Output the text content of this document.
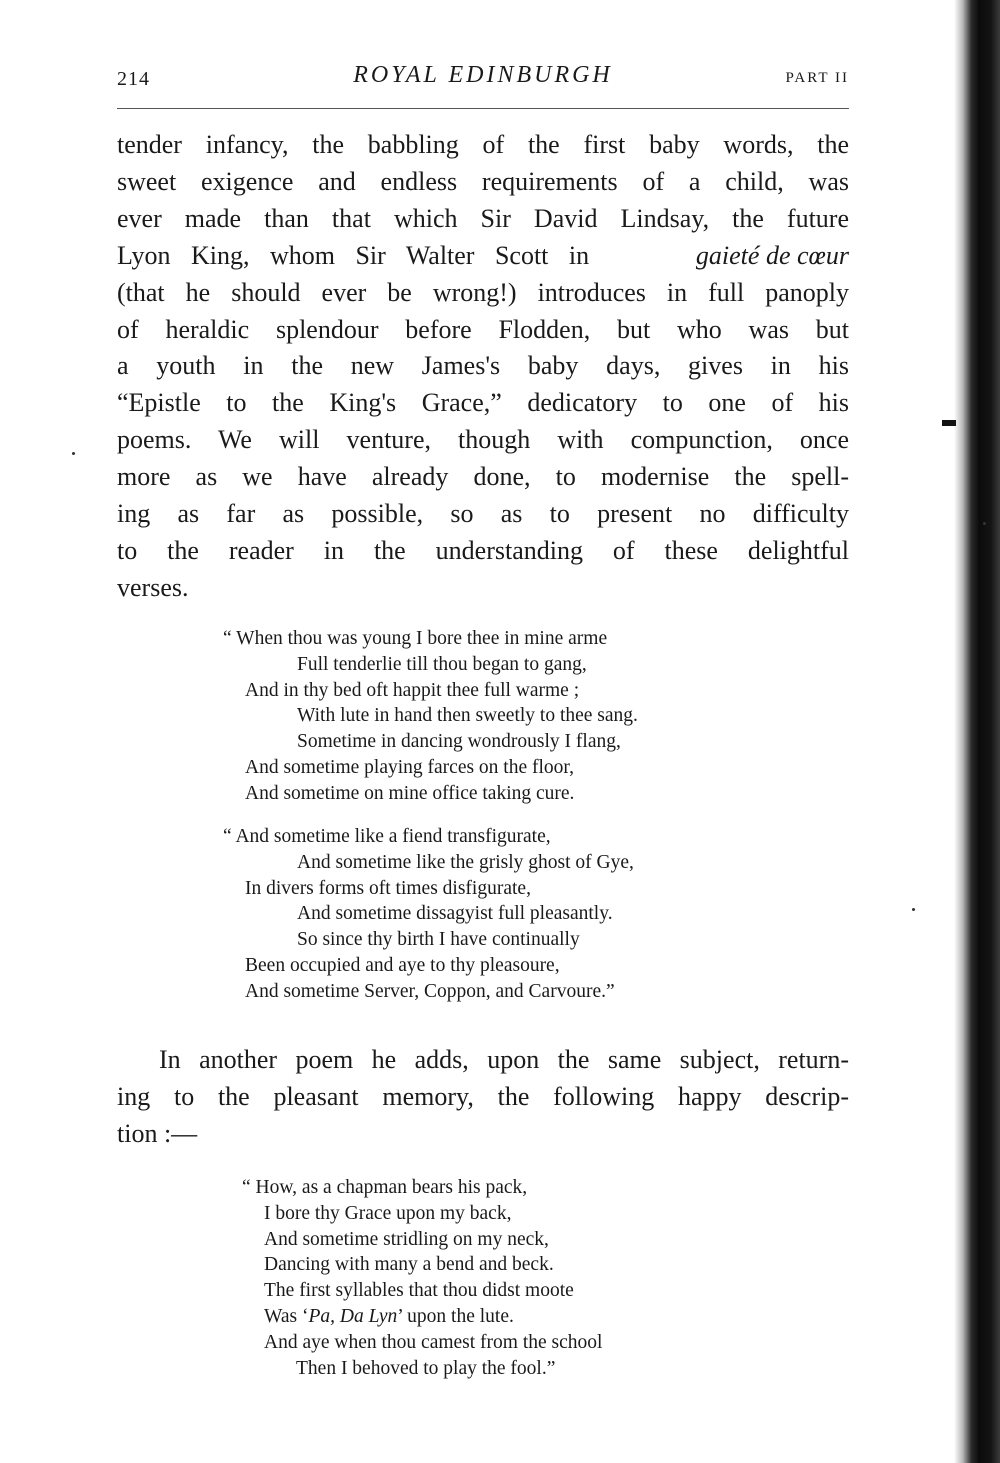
214	ROYAL EDINBURGH	PART II

tender infancy, the babbling of the first baby words, the
sweet exigence and endless requirements of a child, was
ever made than that which Sir David Lindsay, the future
Lyon King, whom Sir Walter Scott in	gaieté de cœur
(that he should ever be wrong!) introduces in full panoply
of heraldic splendour before Flodden, but who was but
a youth in the new James's baby days, gives in his
“Epistle to the King's Grace,” dedicatory to one of his
poems. We will venture, though with compunction, once
more as we have already done, to modernise the spell-
ing as far as possible, so as to present no difficulty
to the reader in the understanding of these delightful
verses.

“ When thou was young I bore thee in mine arme
Full tenderlie till thou began to gang,
And in thy bed oft happit thee full warme ;
With lute in hand then sweetly to thee sang.
Sometime in dancing wondrously I flang,
And sometime playing farces on the floor,
And sometime on mine office taking cure.
“ And sometime like a fiend transfigurate,
And sometime like the grisly ghost of Gye,
In divers forms oft times disfigurate,
And sometime dissagyist full pleasantly.
So since thy birth I have continually
Been occupied and aye to thy pleasoure,
And sometime Server, Coppon, and Carvoure.”

In another poem he adds, upon the same subject, return-
ing to the pleasant memory, the following happy descrip-
tion :—

“ How, as a chapman bears his pack,
I bore thy Grace upon my back,
And sometime stridling on my neck,
Dancing with many a bend and beck.
The first syllables that thou didst moote
Was ‘Pa, Da Lyn’ upon the lute.
And aye when thou camest from the school
Then I behoved to play the fool.”
